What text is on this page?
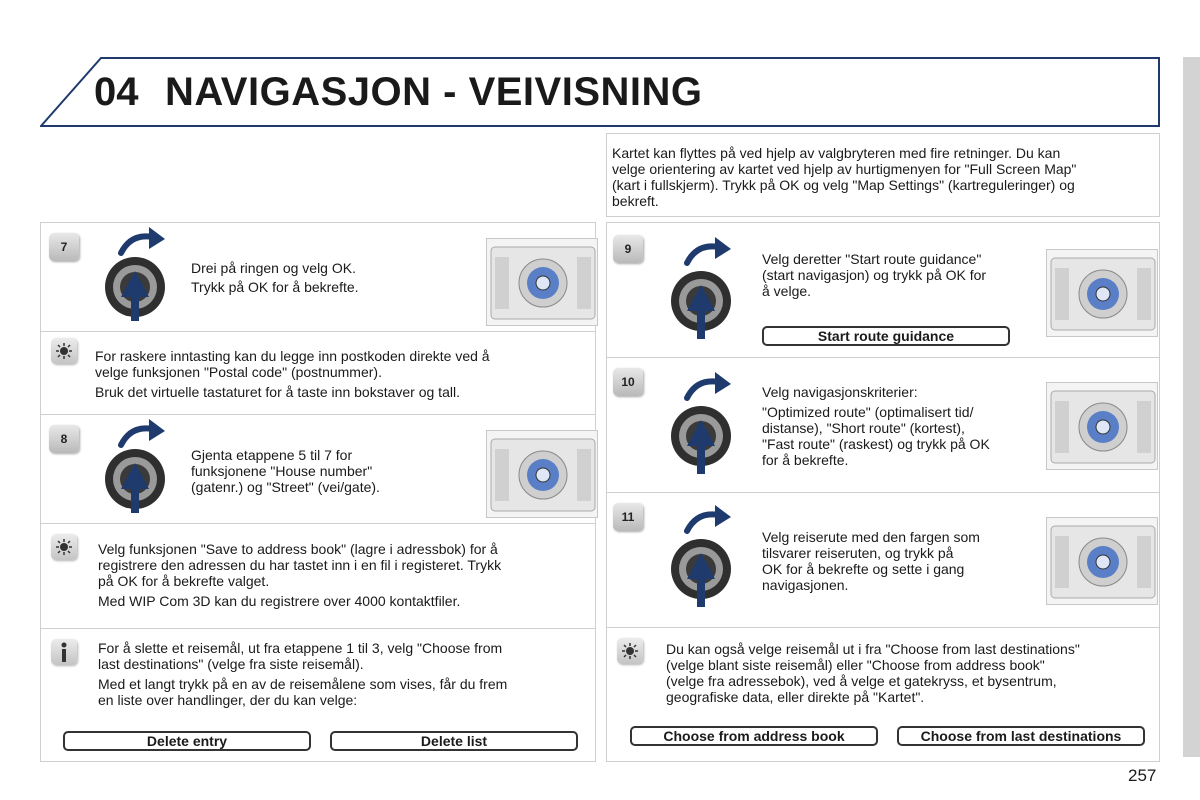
04 NAVIGASJON - VEIVISNING
7

Drei på ringen og velg OK.

Trykk på OK for å bekrefte.

For raskere inntasting kan du legge inn postkoden direkte ved å

velge funksjonen "Postal code" (postnummer).

Bruk det virtuelle tastaturet for å taste inn bokstaver og tall.

8

Gjenta etappene 5 til 7 for

funksjonene "House number"

(gatenr.) og "Street" (vei/gate).

Velg funksjonen "Save to address book" (lagre i adressbok) for å

registrere den adressen du har tastet inn i en fil i registeret. Trykk

på OK for å bekrefte valget.

Med WIP Com 3D kan du registrere over 4000 kontaktfiler.

For å slette et reisemål, ut fra etappene 1 til 3, velg "Choose from

last destinations" (velge fra siste reisemål).

Med et langt trykk på en av de reisemålene som vises, får du frem

en liste over handlinger, der du kan velge:

Delete entry	Delete list

Kartet kan flyttes på ved hjelp av valgbryteren med fire retninger. Du kan

velge orientering av kartet ved hjelp av hurtigmenyen for "Full Screen Map"

(kart i fullskjerm). Trykk på OK og velg "Map Settings" (kartreguleringer) og

bekreft.

9

Velg deretter "Start route guidance"

(start navigasjon) og trykk på OK for

å velge.

Start route guidance
10

Velg navigasjonskriterier:

"Optimized route" (optimalisert tid/

distanse), "Short route" (kortest),

"Fast route" (raskest) og trykk på OK

for å bekrefte.

11

Velg reiserute med den fargen som

tilsvarer reiseruten, og trykk på

OK for å bekrefte og sette i gang

navigasjonen.

Du kan også velge reisemål ut i fra "Choose from last destinations"

(velge blant siste reisemål) eller "Choose from address book"

(velge fra adressebok), ved å velge et gatekryss, et bysentrum,

geografiske data, eller direkte på "Kartet".

Choose from address book	Choose from last destinations
257
